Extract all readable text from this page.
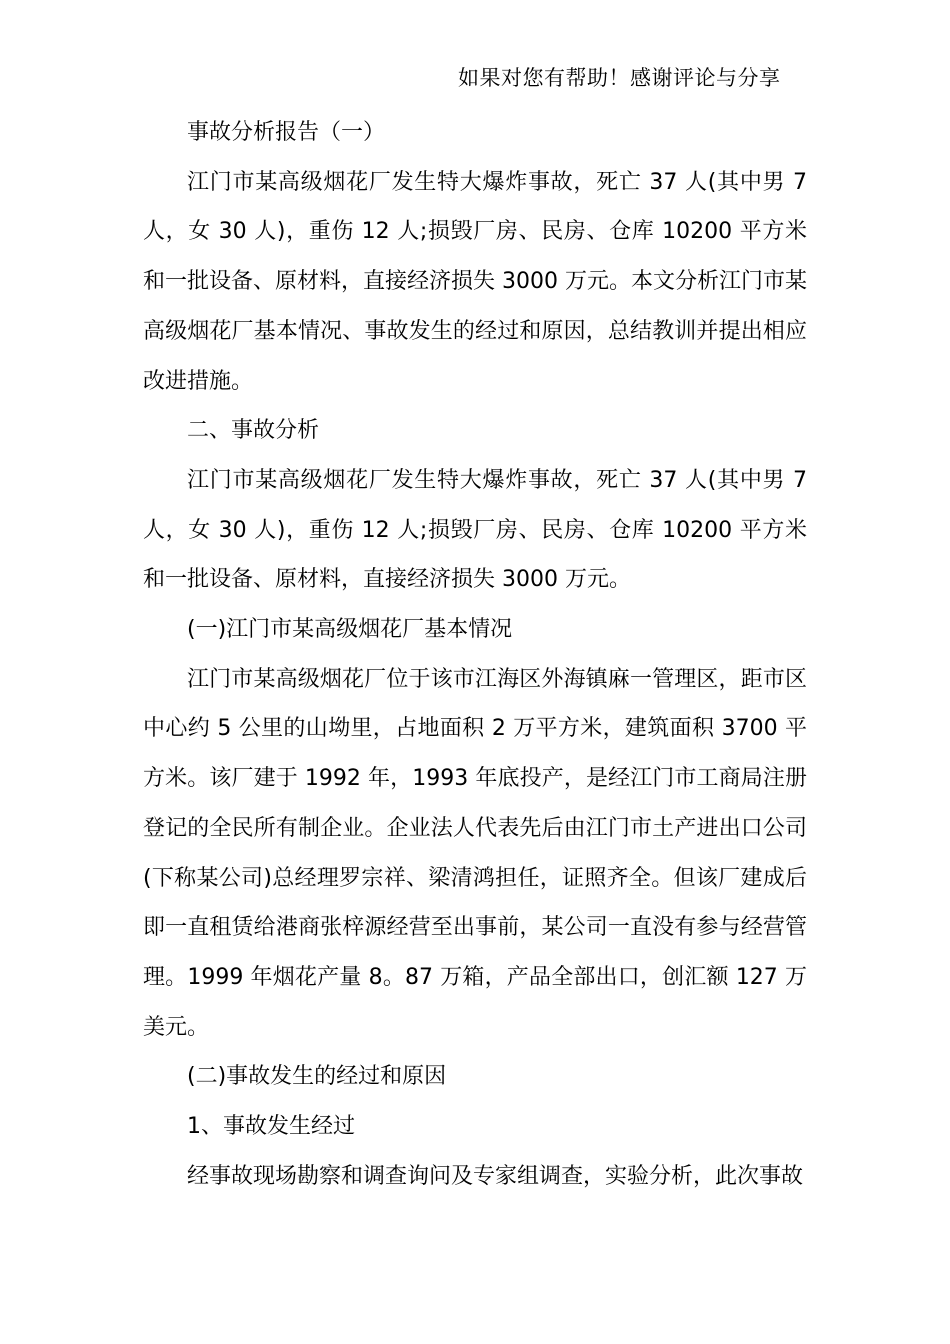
如果对您有帮助！感谢评论与分享

事故分析报告（一）

江门市某高级烟花厂发生特大爆炸事故，死亡 37 人(其中男 7 人，女 30 人)，重伤 12 人;损毁厂房、民房、仓库 10200 平方米和一批设备、原材料，直接经济损失 3000 万元。本文分析江门市某高级烟花厂基本情况、事故发生的经过和原因，总结教训并提出相应改进措施。

二、事故分析

江门市某高级烟花厂发生特大爆炸事故，死亡 37 人(其中男 7 人，女 30 人)，重伤 12 人;损毁厂房、民房、仓库 10200 平方米和一批设备、原材料，直接经济损失 3000 万元。

(一)江门市某高级烟花厂基本情况

江门市某高级烟花厂位于该市江海区外海镇麻一管理区，距市区中心约 5 公里的山坳里，占地面积 2 万平方米，建筑面积 3700 平方米。该厂建于 1992 年，1993 年底投产，是经江门市工商局注册登记的全民所有制企业。企业法人代表先后由江门市土产进出口公司(下称某公司)总经理罗宗祥、梁清鸿担任，证照齐全。但该厂建成后即一直租赁给港商张梓源经营至出事前，某公司一直没有参与经营管理。1999 年烟花产量 8。87 万箱，产品全部出口，创汇额 127 万美元。

(二)事故发生的经过和原因

1、事故发生经过

经事故现场勘察和调查询问及专家组调查，实验分析，此次事故
